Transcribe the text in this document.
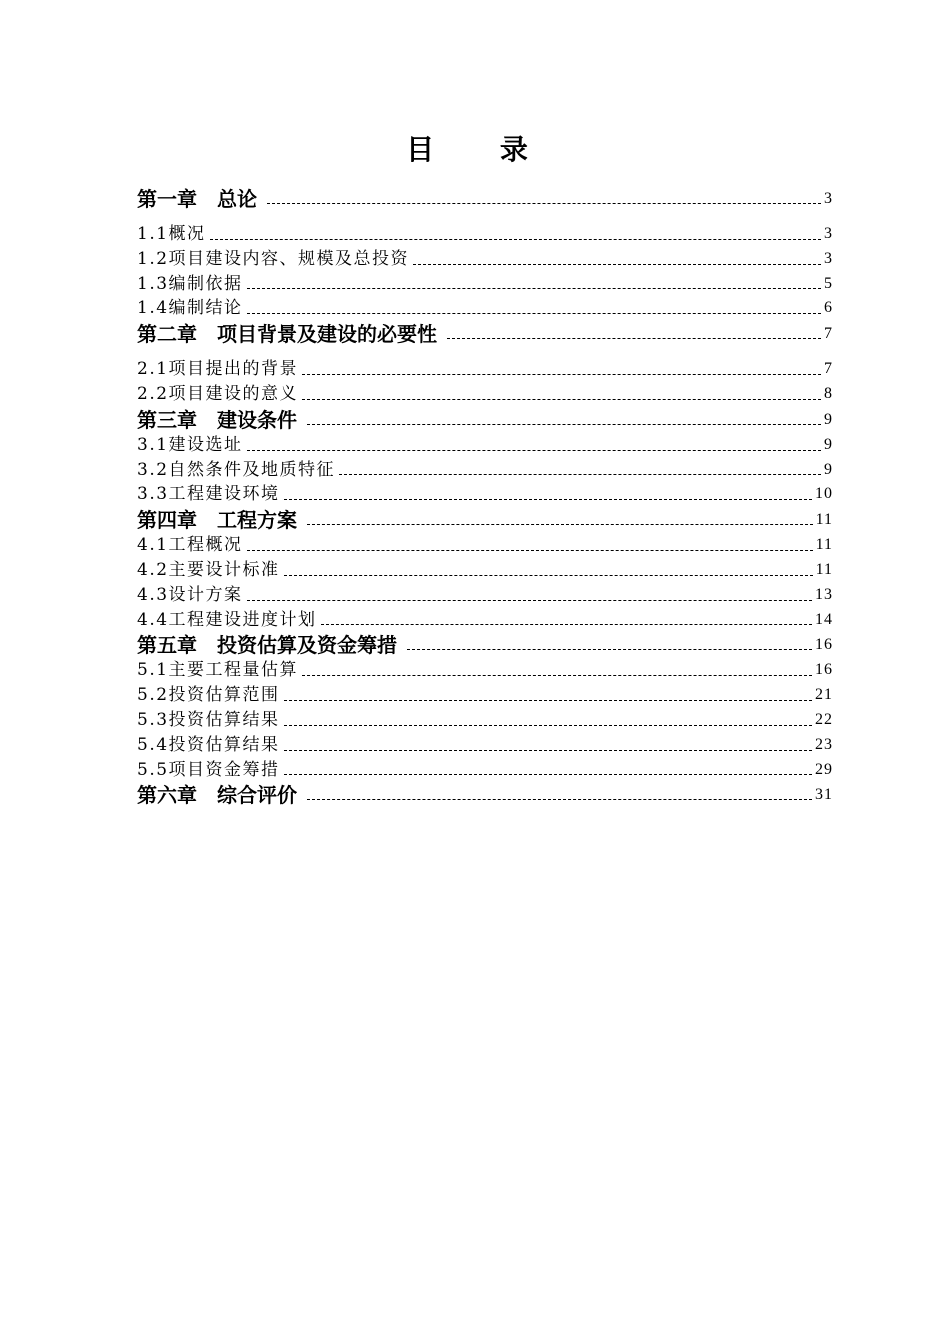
目 录
第一章　总论	3
1.1概况	3
1.2项目建设内容、规模及总投资	3
1.3编制依据	5
1.4编制结论	6
第二章　项目背景及建设的必要性	7
2.1项目提出的背景	7
2.2项目建设的意义	8
第三章　建设条件	9
3.1建设选址	9
3.2自然条件及地质特征	9
3.3工程建设环境	10
第四章　工程方案	11
4.1工程概况	11
4.2主要设计标准	11
4.3设计方案	13
4.4工程建设进度计划	14
第五章　投资估算及资金筹措	16
5.1主要工程量估算	16
5.2投资估算范围	21
5.3投资估算结果	22
5.4投资估算结果	23
5.5项目资金筹措	29
第六章　综合评价	31
